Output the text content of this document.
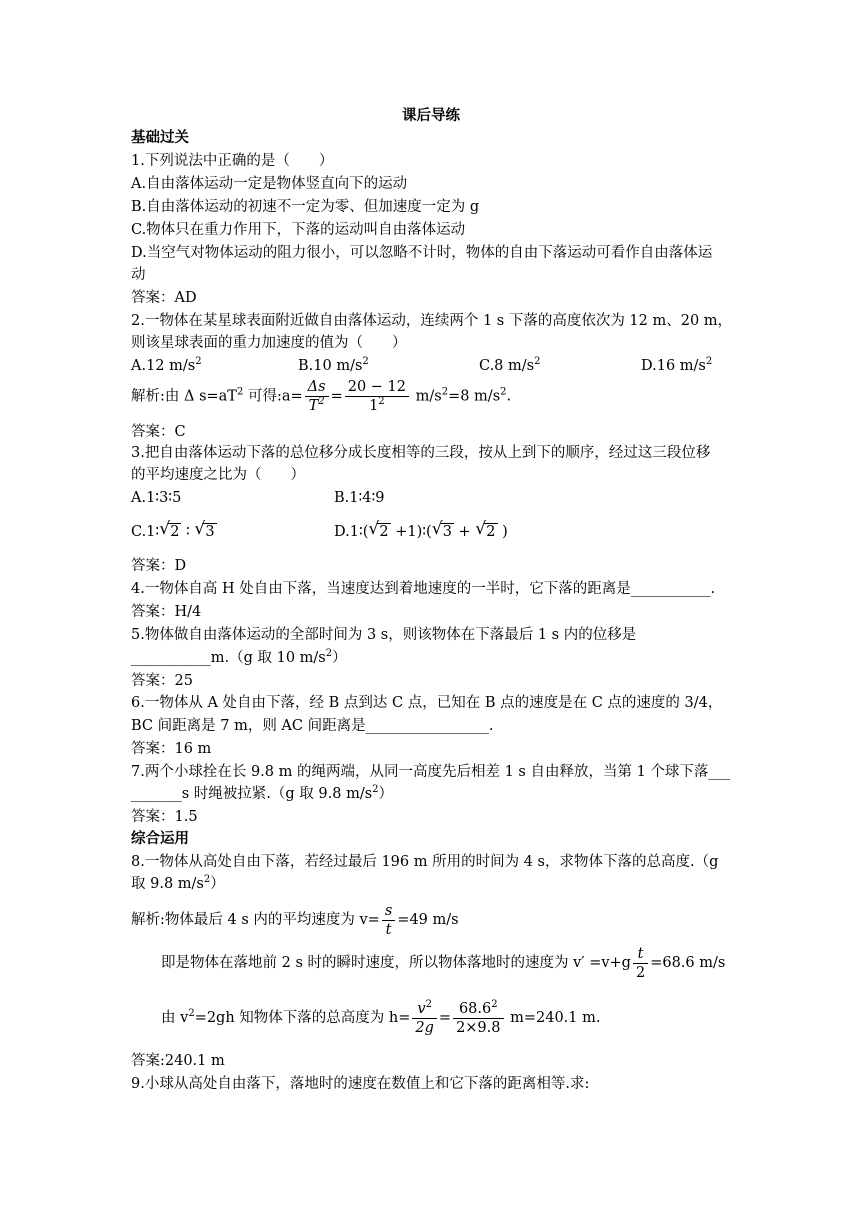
课后导练
基础过关
1.下列说法中正确的是（　　）
A.自由落体运动一定是物体竖直向下的运动
B.自由落体运动的初速不一定为零、但加速度一定为 g
C.物体只在重力作用下，下落的运动叫自由落体运动
D.当空气对物体运动的阻力很小，可以忽略不计时，物体的自由下落运动可看作自由落体运
动
答案：AD
2.一物体在某星球表面附近做自由落体运动，连续两个 1 s 下落的高度依次为 12 m、20 m，
则该星球表面的重力加速度的值为（　　）
A.12 $m/s^2$	B.10 $m/s^2$	C.8 $m/s^2$	D.16 $m/s^2$
解析:由 Δ $s=aT^2$ 可得:a= $\frac{\Delta s}{T^2} = \frac{20 - 12}{1^2} m/s^2=8$ $m/s^2$.
答案：C
3.把自由落体运动下落的总位移分成长度相等的三段，按从上到下的顺序，经过这三段位移
的平均速度之比为（　　）
A.1∶3∶5	B.1∶4∶9
C.1∶ √ 2 ∶ √ 3	D.1∶( √ 2 +1)∶( √ 3 + √ 2 )
答案：D
4.一物体自高 H 处自由下落，当速度达到着地速度的一半时，它下落的距离是___________.
答案：H/4
5.物体做自由落体运动的全部时间为 3 s，则该物体在下落最后 1 s 内的位移是
___________m.（g 取 10 $m/s^2$）
答案：25
6.一物体从 A 处自由下落，经 B 点到达 C 点，已知在 B 点的速度是在 C 点的速度的 3/4，
BC 间距离是 7 m，则 AC 间距离是_________________.
答案：16 m
7.两个小球拴在长 9.8 m 的绳两端，从同一高度先后相差 1 s 自由释放，当第 1 个球下落___
_______s 时绳被拉紧.（g 取 9.8 $m/s^2$）
答案：1.5
综合运用
8.一物体从高处自由下落，若经过最后 196 m 所用的时间为 4 s，求物体下落的总高度.（g
取 9.8 $m/s^2$）
解析:物体最后 4 s 内的平均速度为 $v= \frac{s}{t} =49$ m/s
即是物体在落地前 2 s 时的瞬时速度，所以物体落地时的速度为 $v' =v+g \frac{t}{2} =68.6$ m/s
由 $v^2=2gh$ 知物体下落的总高度为 $h= \frac{v^2}{2g} = \frac{68.6^2}{2\times 9.8} m=240.1$ m.
答案:240.1 m
9.小球从高处自由落下，落地时的速度在数值上和它下落的距离相等.求:
